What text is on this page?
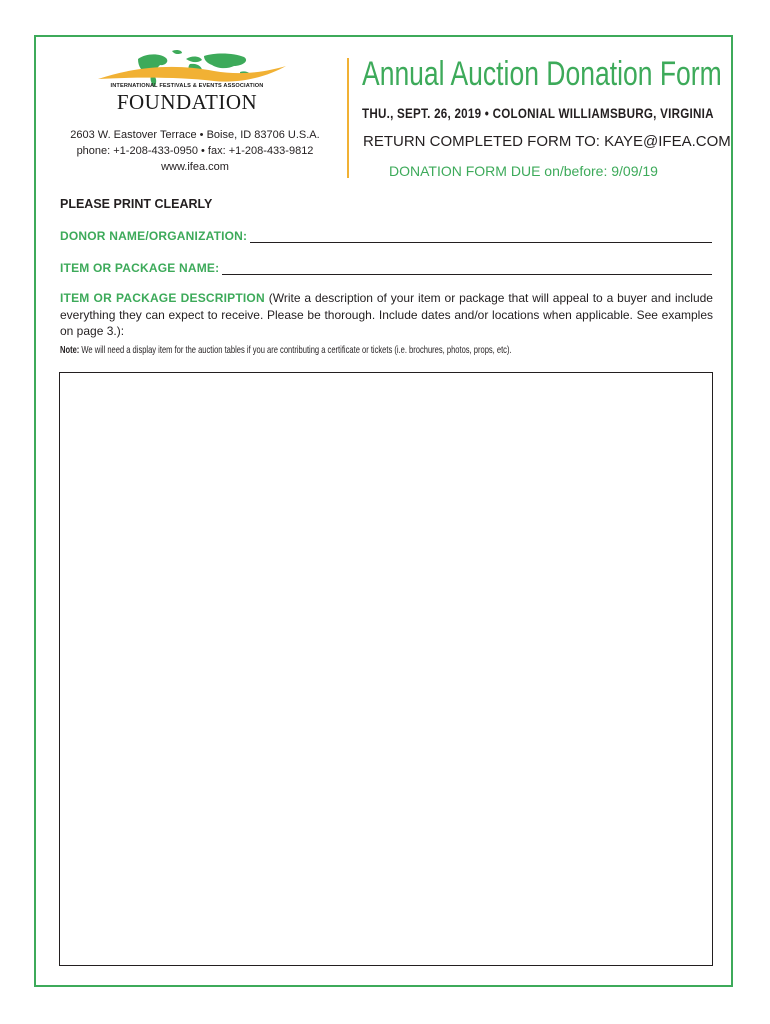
INTERNATIONAL FESTIVALS & EVENTS ASSOCIATION
FOUNDATION
2603 W. Eastover Terrace • Boise, ID 83706 U.S.A.
phone: +1-208-433-0950 • fax: +1-208-433-9812
www.ifea.com
Annual Auction Donation Form
THU., SEPT. 26, 2019 • COLONIAL WILLIAMSBURG, VIRGINIA
RETURN COMPLETED FORM TO: KAYE@IFEA.COM
DONATION FORM DUE on/before: 9/09/19
PLEASE PRINT CLEARLY
DONOR NAME/ORGANIZATION:
ITEM OR PACKAGE NAME:
ITEM OR PACKAGE DESCRIPTION (Write a description of your item or package that will appeal to a buyer and include everything they can expect to receive. Please be thorough. Include dates and/or locations when applicable. See examples on page 3.):
Note: We will need a display item for the auction tables if you are contributing a certificate or tickets (i.e. brochures, photos, props, etc).
